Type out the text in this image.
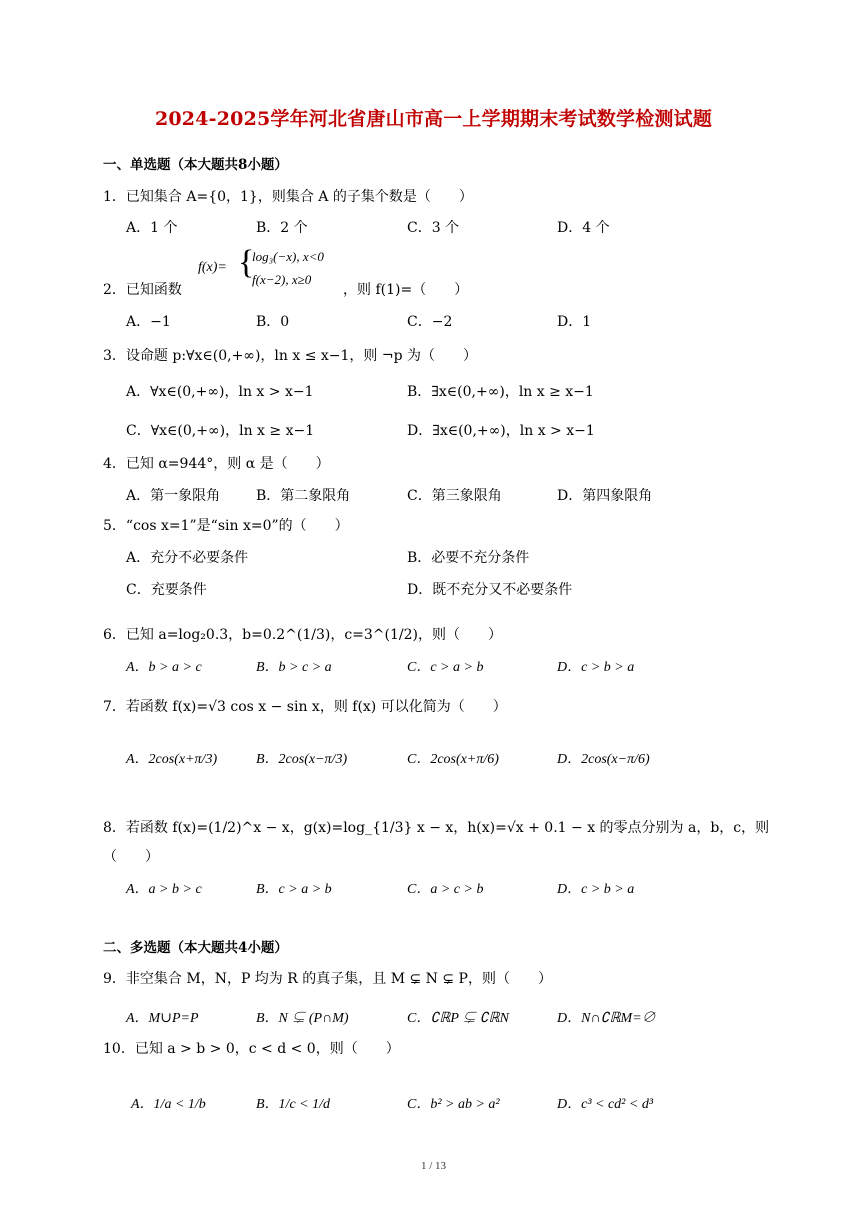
2024-2025学年河北省唐山市高一上学期期末考试数学检测试题
一、单选题（本大题共8小题）
1．已知集合 A={0，1}，则集合 A 的子集个数是（　　）
A．1 个	B．2 个	C．3 个	D．4 个
2．已知函数
f(x)= {
log₃(−x), x<0
f(x−2), x≥0
，则 f(1)=（　　）
A．−1	B．0	C．−2	D．1
3．设命题 p:∀x∈(0,+∞)，ln x ≤ x−1，则 ¬p 为（　　）
A．∀x∈(0,+∞)，ln x > x−1	B．∃x∈(0,+∞)，ln x ≥ x−1
C．∀x∈(0,+∞)，ln x ≥ x−1	D．∃x∈(0,+∞)，ln x > x−1
4．已知 α=944°，则 α 是（　　）
A．第一象限角	B．第二象限角	C．第三象限角	D．第四象限角
5．“cos x=1”是“sin x=0”的（　　）
A．充分不必要条件	B．必要不充分条件
C．充要条件	D．既不充分又不必要条件
6．已知 a=log₂0.3，b=0.2^(1/3)，c=3^(1/2)，则（　　）
A．b > a > c	B．b > c > a	C．c > a > b	D．c > b > a
7．若函数 f(x)=√3 cos x − sin x，则 f(x) 可以化简为（　　）
A．2cos(x+π/3)	B．2cos(x−π/3)	C．2cos(x+π/6)	D．2cos(x−π/6)
8．若函数 f(x)=(1/2)^x − x，g(x)=log_{1/3} x − x，h(x)=√x + 0.1 − x 的零点分别为 a，b，c，则
（　　）
A．a > b > c	B．c > a > b	C．a > c > b	D．c > b > a
二、多选题（本大题共4小题）
9．非空集合 M，N，P 均为 R 的真子集，且 M ⊊ N ⊊ P，则（　　）
A．M∪P=P	B．N ⊊ (P∩M)	C．∁ℝP ⊊ ∁ℝN	D．N∩∁ℝM=∅
10．已知 a > b > 0，c < d < 0，则（　　）
A．1/a < 1/b	B．1/c < 1/d	C．b² > ab > a²	D．c³ < cd² < d³
1 / 13
